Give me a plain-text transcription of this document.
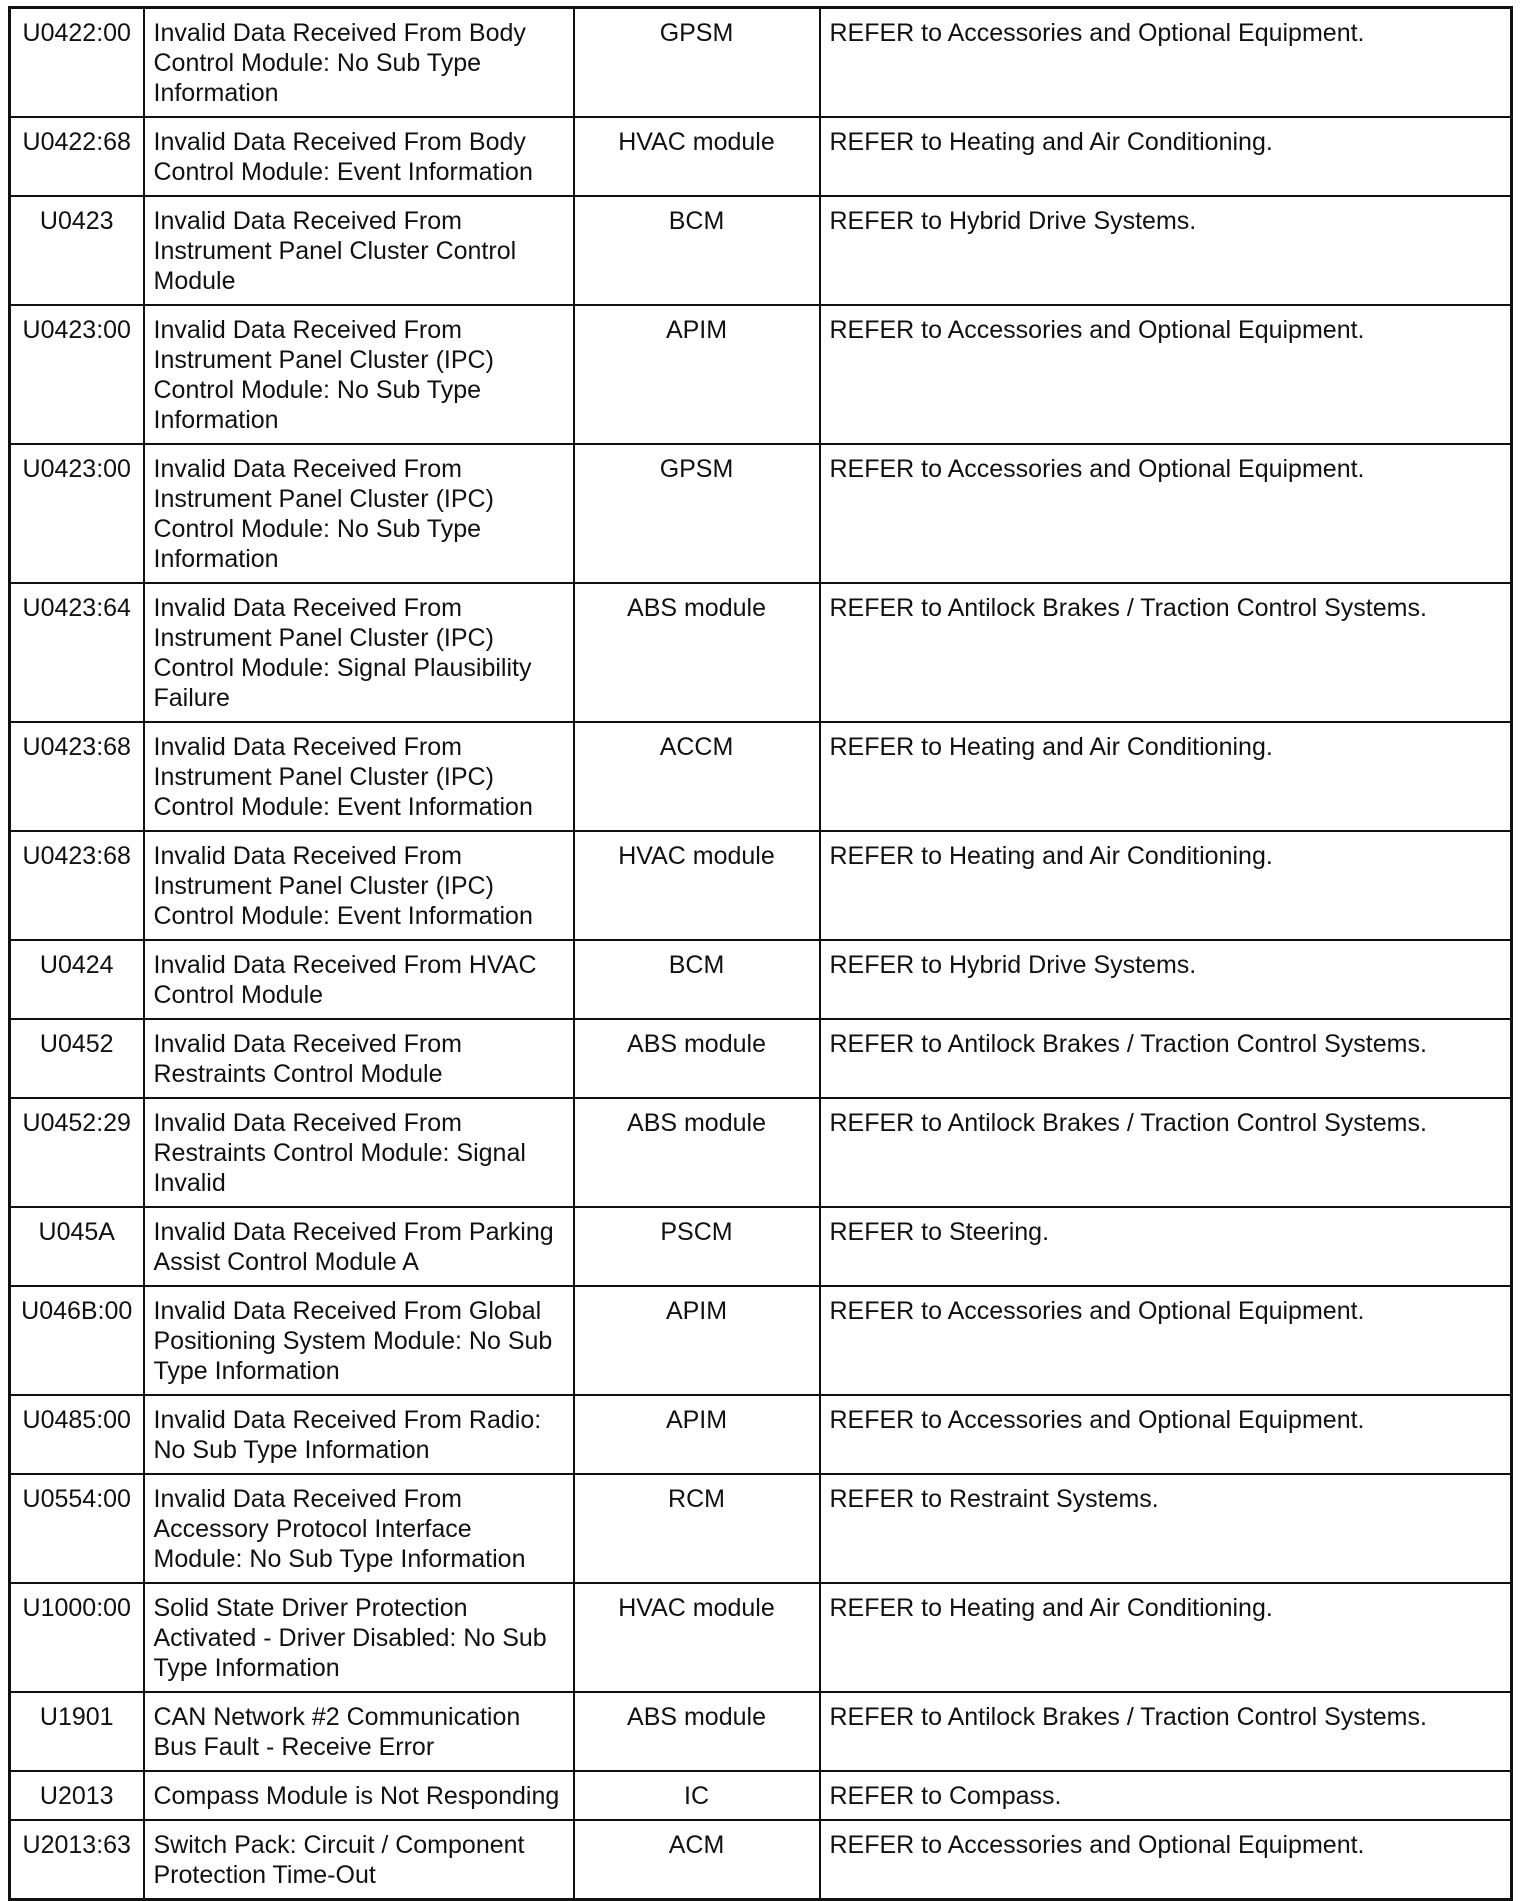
U0422:00	Invalid Data Received From Body Control Module: No Sub Type Information	GPSM	REFER to Accessories and Optional Equipment.
U0422:68	Invalid Data Received From Body Control Module: Event Information	HVAC module	REFER to Heating and Air Conditioning.
U0423	Invalid Data Received From Instrument Panel Cluster Control Module	BCM	REFER to Hybrid Drive Systems.
U0423:00	Invalid Data Received From Instrument Panel Cluster (IPC) Control Module: No Sub Type Information	APIM	REFER to Accessories and Optional Equipment.
U0423:00	Invalid Data Received From Instrument Panel Cluster (IPC) Control Module: No Sub Type Information	GPSM	REFER to Accessories and Optional Equipment.
U0423:64	Invalid Data Received From Instrument Panel Cluster (IPC) Control Module: Signal Plausibility Failure	ABS module	REFER to Antilock Brakes / Traction Control Systems.
U0423:68	Invalid Data Received From Instrument Panel Cluster (IPC) Control Module: Event Information	ACCM	REFER to Heating and Air Conditioning.
U0423:68	Invalid Data Received From Instrument Panel Cluster (IPC) Control Module: Event Information	HVAC module	REFER to Heating and Air Conditioning.
U0424	Invalid Data Received From HVAC Control Module	BCM	REFER to Hybrid Drive Systems.
U0452	Invalid Data Received From Restraints Control Module	ABS module	REFER to Antilock Brakes / Traction Control Systems.
U0452:29	Invalid Data Received From Restraints Control Module: Signal Invalid	ABS module	REFER to Antilock Brakes / Traction Control Systems.
U045A	Invalid Data Received From Parking Assist Control Module A	PSCM	REFER to Steering.
U046B:00	Invalid Data Received From Global Positioning System Module: No Sub Type Information	APIM	REFER to Accessories and Optional Equipment.
U0485:00	Invalid Data Received From Radio: No Sub Type Information	APIM	REFER to Accessories and Optional Equipment.
U0554:00	Invalid Data Received From Accessory Protocol Interface Module: No Sub Type Information	RCM	REFER to Restraint Systems.
U1000:00	Solid State Driver Protection Activated - Driver Disabled: No Sub Type Information	HVAC module	REFER to Heating and Air Conditioning.
U1901	CAN Network #2 Communication Bus Fault - Receive Error	ABS module	REFER to Antilock Brakes / Traction Control Systems.
U2013	Compass Module is Not Responding	IC	REFER to Compass.
U2013:63	Switch Pack: Circuit / Component Protection Time-Out	ACM	REFER to Accessories and Optional Equipment.
